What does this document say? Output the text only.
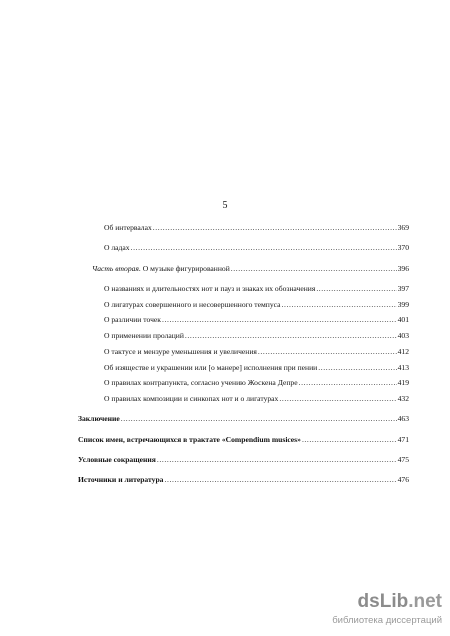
5
Об интервалах .....	369
О ладах .....	370
Часть вторая. О музыке фигурированной .....	396
О названиях и длительностях нот и пауз и знаках их обозначения .....	397
О лигатурах совершенного и несовершенного темпуса .....	399
О различии точек .....	401
О применении пролаций .....	403
О тактусе и мензуре уменьшения и увеличения .....	412
Об изяществе и украшении или [о манере] исполнения при пении .....	413
О правилах контрапункта, согласно учению Жоскена Депре .....	419
О правилах композиции и синкопах нот и о лигатурах .....	432
Заключение .....	463
Список имен, встречающихся в трактате «Compendium musices» .....	471
Условные сокращения .....	475
Источники и литература .....	476
dsLib.net
библиотека диссертаций
